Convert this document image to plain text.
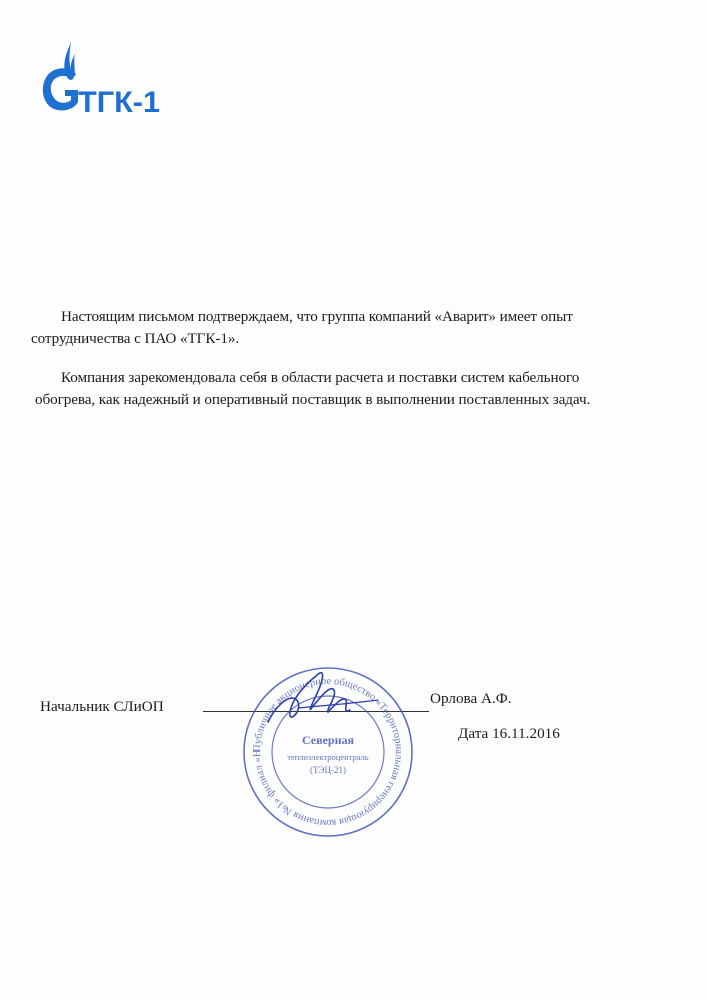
ТГК-1
Настоящим письмом подтверждаем, что группа компаний «Аварит» имеет опыт
сотрудничества с ПАО «ТГК-1».
Компания зарекомендовала себя в области расчета и поставки систем кабельного
обогрева, как надежный и оперативный поставщик в выполнении поставленных задач.
Начальник СЛиОП	Орлова А.Ф.
Дата 16.11.2016
Публичное акционерное общество «Территориальная генерирующая компания №1» филиал «Н
Северная
теплоэлектроцентраль
(ТЭЦ-21)
